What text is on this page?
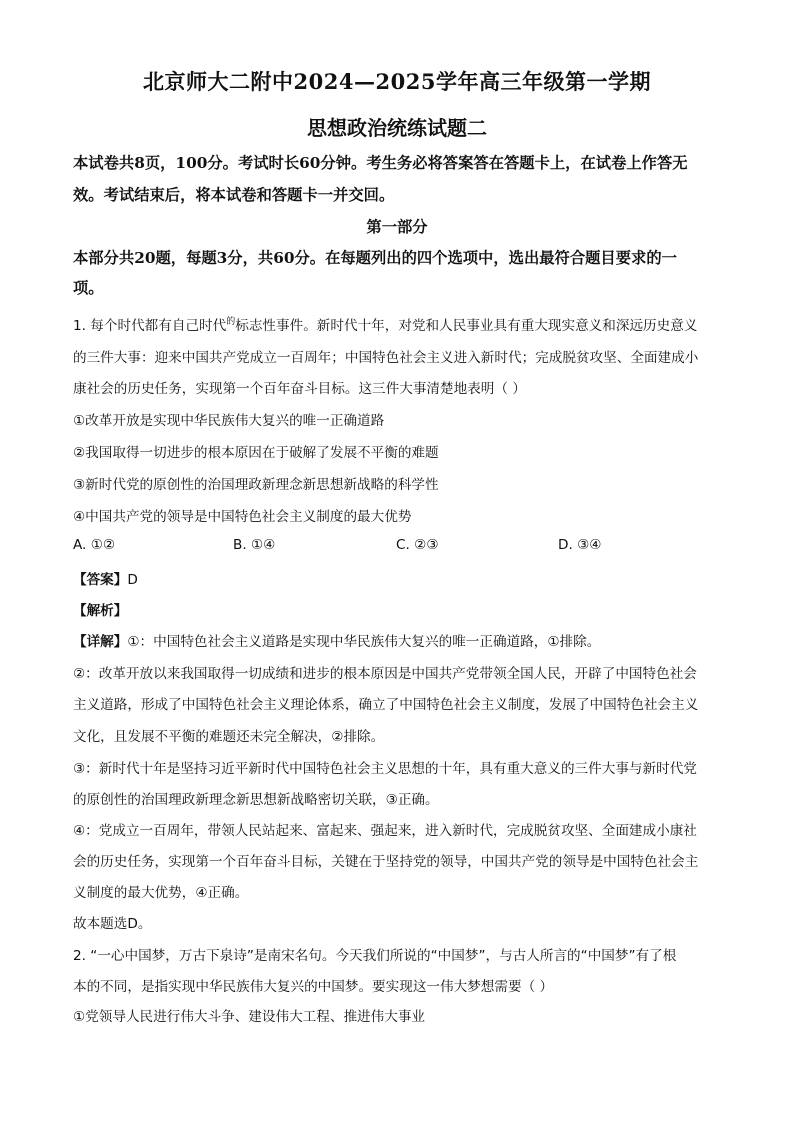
北京师大二附中2024—2025学年高三年级第一学期
思想政治统练试题二
本试卷共8页，100分。考试时长60分钟。考生务必将答案答在答题卡上，在试卷上作答无
效。考试结束后，将本试卷和答题卡一并交回。
第一部分
本部分共20题，每题3分，共60分。在每题列出的四个选项中，选出最符合题目要求的一
项。
1. 每个时代都有自己时代$^的$标志性事件。新时代十年，对党和人民事业具有重大现实意义和深远历史意义
的三件大事：迎来中国共产党成立一百周年；中国特色社会主义进入新时代；完成脱贫攻坚、全面建成小
康社会的历史任务，实现第一个百年奋斗目标。这三件大事清楚地表明（ ）
①改革开放是实现中华民族伟大复兴的唯一正确道路
②我国取得一切进步的根本原因在于破解了发展不平衡的难题
③新时代党的原创性的治国理政新理念新思想新战略的科学性
④中国共产党的领导是中国特色社会主义制度的最大优势
A. ①②	B. ①④	C. ②③	D. ③④
【答案】D
【解析】
【详解】①：中国特色社会主义道路是实现中华民族伟大复兴的唯一正确道路，①排除。
②：改革开放以来我国取得一切成绩和进步的根本原因是中国共产党带领全国人民，开辟了中国特色社会
主义道路，形成了中国特色社会主义理论体系，确立了中国特色社会主义制度，发展了中国特色社会主义
文化，且发展不平衡的难题还未完全解决，②排除。
③：新时代十年是坚持习近平新时代中国特色社会主义思想的十年，具有重大意义的三件大事与新时代党
的原创性的治国理政新理念新思想新战略密切关联，③正确。
④：党成立一百周年，带领人民站起来、富起来、强起来，进入新时代，完成脱贫攻坚、全面建成小康社
会的历史任务，实现第一个百年奋斗目标，关键在于坚持党的领导，中国共产党的领导是中国特色社会主
义制度的最大优势，④正确。
故本题选D。
2. “一心中国梦，万古下泉诗”是南宋名句。今天我们所说的“中国梦”，与古人所言的“中国梦”有了根
本的不同，是指实现中华民族伟大复兴的中国梦。要实现这一伟大梦想需要（ ）
①党领导人民进行伟大斗争、建设伟大工程、推进伟大事业
